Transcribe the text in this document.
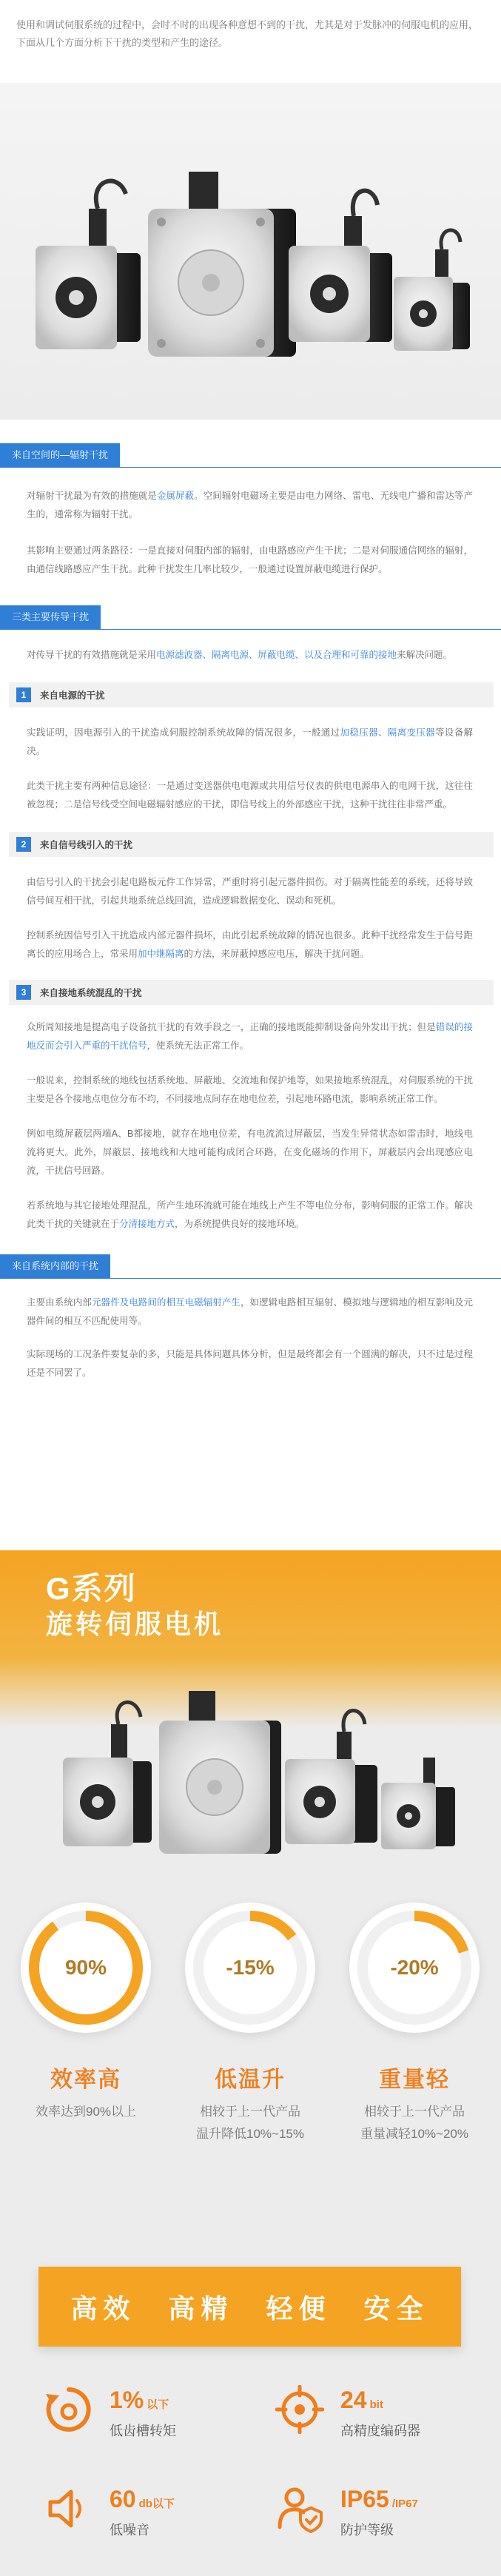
使用和调试伺服系统的过程中，会时不时的出现各种意想不到的干扰，尤其是对于发脉冲的伺服电机的应用，下面从几个方面分析下干扰的类型和产生的途径。

来自空间的—辐射干扰

对辐射干扰最为有效的措施就是金属屏蔽。空间辐射电磁场主要是由电力网络、雷电、无线电广播和雷达等产生的，通常称为辐射干扰。

其影响主要通过两条路径：一是直接对伺服内部的辐射，由电路感应产生干扰；二是对伺服通信网络的辐射，由通信线路感应产生干扰。此种干扰发生几率比较少，一般通过设置屏蔽电缆进行保护。

三类主要传导干扰

对传导干扰的有效措施就是采用电源滤波器、隔离电源、屏蔽电缆、以及合理和可靠的接地来解决问题。

1	来自电源的干扰

实践证明，因电源引入的干扰造成伺服控制系统故障的情况很多，一般通过加稳压器、隔离变压器等设备解决。

此类干扰主要有两种信息途径：一是通过变送器供电电源或共用信号仪表的供电电源串入的电网干扰，这往往被忽视；二是信号线受空间电磁辐射感应的干扰，即信号线上的外部感应干扰，这种干扰往往非常严重。

2	来自信号线引入的干扰

由信号引入的干扰会引起电路板元件工作异常，严重时将引起元器件损伤。对于隔离性能差的系统，还将导致信号间互相干扰，引起共地系统总线回流，造成逻辑数据变化、误动和死机。

控制系统因信号引入干扰造成内部元器件损坏，由此引起系统故障的情况也很多。此种干扰经常发生于信号距离长的应用场合上，常采用加中继隔离的方法，来屏蔽掉感应电压，解决干扰问题。

3	来自接地系统混乱的干扰

众所周知接地是提高电子设备抗干扰的有效手段之一，正确的接地既能抑制设备向外发出干扰；但是错误的接地反而会引入严重的干扰信号，使系统无法正常工作。

一般说来，控制系统的地线包括系统地、屏蔽地、交流地和保护地等，如果接地系统混乱，对伺服系统的干扰主要是各个接地点电位分布不均，不同接地点间存在地电位差，引起地环路电流，影响系统正常工作。

例如电缆屏蔽层两端A、B都接地，就存在地电位差，有电流流过屏蔽层，当发生异常状态如雷击时，地线电流将更大。此外，屏蔽层、接地线和大地可能构成闭合环路，在变化磁场的作用下，屏蔽层内会出现感应电流，干扰信号回路。

若系统地与其它接地处理混乱，所产生地环流就可能在地线上产生不等电位分布，影响伺服的正常工作。解决此类干扰的关键就在于分清接地方式，为系统提供良好的接地环境。

来自系统内部的干扰

主要由系统内部元器件及电路间的相互电磁辐射产生，如逻辑电路相互辐射、模拟地与逻辑地的相互影响及元器件间的相互不匹配使用等。

实际现场的工况条件要复杂的多，只能是具体问题具体分析，但是最终都会有一个圆满的解决，只不过是过程还是不同罢了。

G系列
旋转伺服电机
90%	-15%	-20%
效率高	低温升	重量轻
效率达到90%以上	相较于上一代产品
温升降低10%~15%
相较于上一代产品
重量减轻10%~20%
高效 高精 轻便 安全
1% 以下
低齿槽转矩
24 bit
高精度编码器
60 db以下
低噪音
IP65 /IP67
防护等级
